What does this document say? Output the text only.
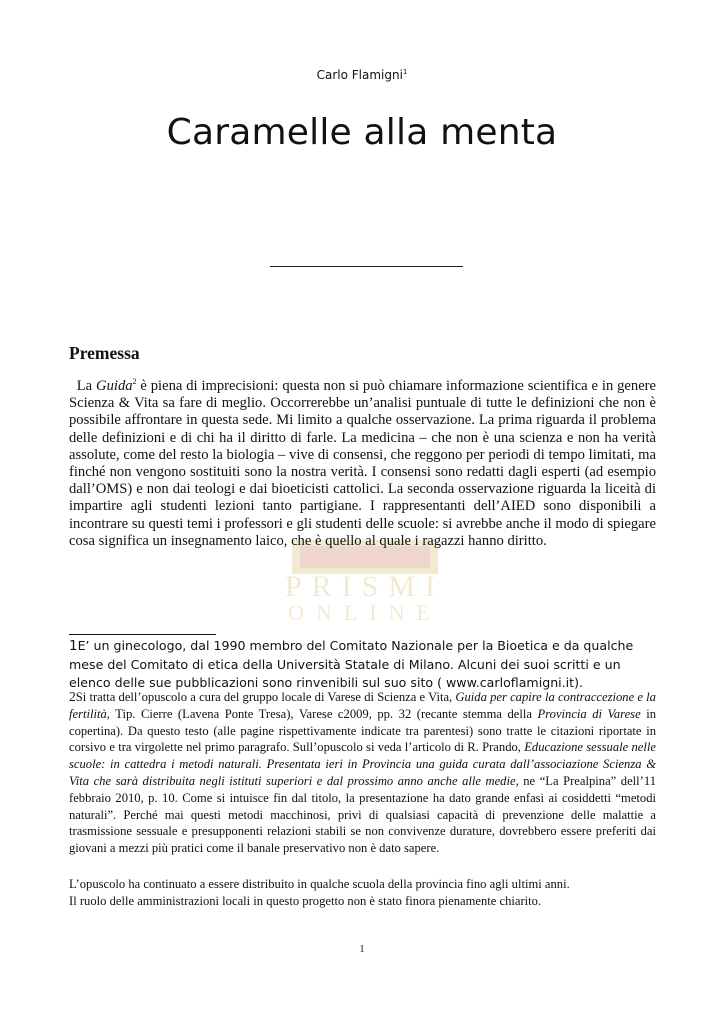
Carlo Flamigni$^1$
Caramelle alla menta
Premessa
PRISMI
ONLINE

La Guida$^2$ è piena di imprecisioni: questa non si può chiamare informazione scientifica e in genere Scienza & Vita sa fare di meglio. Occorrerebbe un’analisi puntuale di tutte le definizioni che non è possibile affrontare in questa sede. Mi limito a qualche osservazione. La prima riguarda il problema delle definizioni e di chi ha il diritto di farle. La medicina – che non è una scienza e non ha verità assolute, come del resto la biologia – vive di consensi, che reggono per periodi di tempo limitati, ma finché non vengono sostituiti sono la nostra verità. I consensi sono redatti dagli esperti (ad esempio dall’OMS) e non dai teologi e dai bioeticisti cattolici. La seconda osservazione riguarda la liceità di impartire agli studenti lezioni tanto partigiane. I rappresentanti dell’AIED sono disponibili a incontrare su questi temi i professori e gli studenti delle scuole: si avrebbe anche il modo di spiegare cosa significa un insegnamento laico, che è quello al quale i ragazzi hanno diritto.

1E’ un ginecologo, dal 1990 membro del Comitato Nazionale per la Bioetica e da qualche mese del Comitato di etica della Università Statale di Milano. Alcuni dei suoi scritti e un elenco delle sue pubblicazioni sono rinvenibili sul suo sito ( www.carloflamigni.it).

2Si tratta dell’opuscolo a cura del gruppo locale di Varese di Scienza e Vita, Guida per capire la contraccezione e la fertilità, Tip. Cierre (Lavena Ponte Tresa), Varese c2009, pp. 32 (recante stemma della Provincia di Varese in copertina). Da questo testo (alle pagine rispettivamente indicate tra parentesi) sono tratte le citazioni riportate in corsivo e tra virgolette nel primo paragrafo. Sull’opuscolo si veda l’articolo di R. Prando, Educazione sessuale nelle scuole: in cattedra i metodi naturali. Presentata ieri in Provincia una guida curata dall’associazione Scienza & Vita che sarà distribuita negli istituti superiori e dal prossimo anno anche alle medie, ne “La Prealpina” dell’11 febbraio 2010, p. 10. Come si intuisce fin dal titolo, la presentazione ha dato grande enfasi ai cosiddetti “metodi naturali”. Perché mai questi metodi macchinosi, privi di qualsiasi capacità di prevenzione delle malattie a trasmissione sessuale e presupponenti relazioni stabili se non convivenze durature, dovrebbero essere preferiti dai giovani a mezzi più pratici come il banale preservativo non è dato sapere.

L’opuscolo ha continuato a essere distribuito in qualche scuola della provincia fino agli ultimi anni.

Il ruolo delle amministrazioni locali in questo progetto non è stato finora pienamente chiarito.

1
